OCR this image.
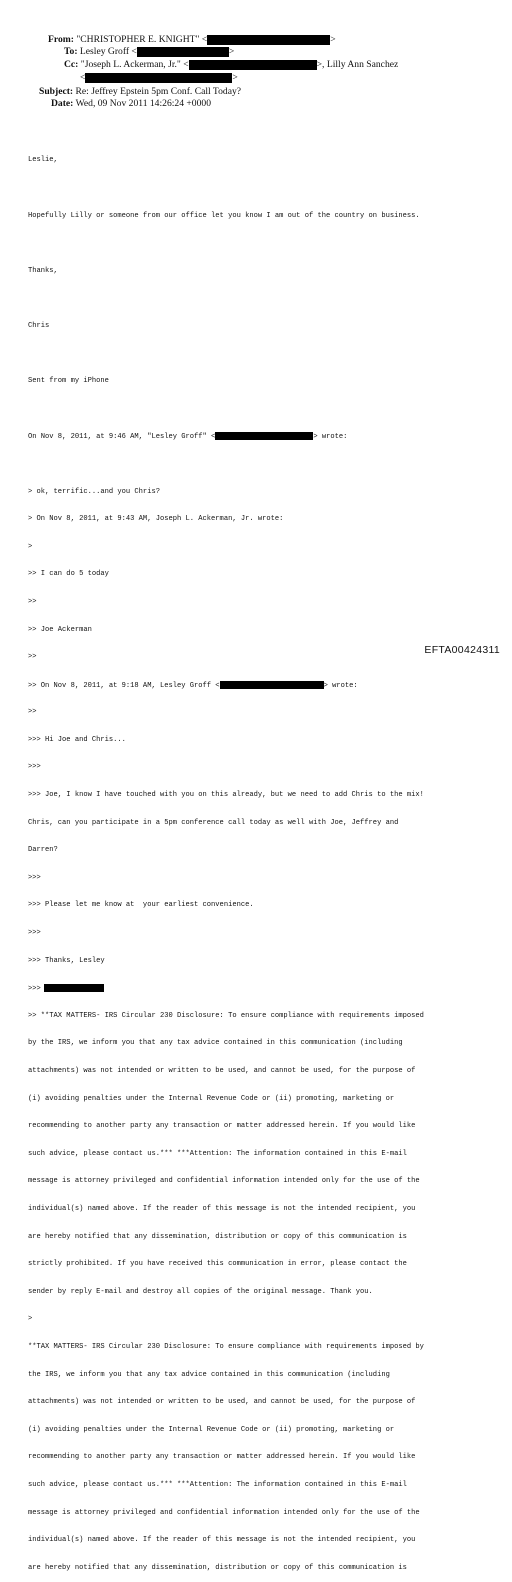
From: "CHRISTOPHER E. KNIGHT" <	>
To: Lesley Groff <	>
Cc: "Joseph L. Ackerman, Jr." <	>, Lilly Ann Sanchez
<	>
Subject: Re: Jeffrey Epstein 5pm Conf. Call Today?
Date: Wed, 09 Nov 2011 14:26:24 +0000

Leslie,

Hopefully Lilly or someone from our office let you know I am out of the country on business.

Thanks,

Chris

Sent from my iPhone

On Nov 8, 2011, at 9:46 AM, "Lesley Groff" <	> wrote:

> ok, terrific...and you Chris?

> On Nov 8, 2011, at 9:43 AM, Joseph L. Ackerman, Jr. wrote:

>

>> I can do 5 today

>>

>> Joe Ackerman

>>

>> On Nov 8, 2011, at 9:18 AM, Lesley Groff <	> wrote:

>>

>>> Hi Joe and Chris...

>>>

>>> Joe, I know I have touched with you on this already, but we need to add Chris to the mix!

Chris, can you participate in a 5pm conference call today as well with Joe, Jeffrey and

Darren?

>>>

>>> Please let me know at  your earliest convenience.

>>>

>>> Thanks, Lesley

>>>

>> **TAX MATTERS- IRS Circular 230 Disclosure: To ensure compliance with requirements imposed

by the IRS, we inform you that any tax advice contained in this communication (including

attachments) was not intended or written to be used, and cannot be used, for the purpose of

(i) avoiding penalties under the Internal Revenue Code or (ii) promoting, marketing or

recommending to another party any transaction or matter addressed herein. If you would like

such advice, please contact us.*** ***Attention: The information contained in this E-mail

message is attorney privileged and confidential information intended only for the use of the

individual(s) named above. If the reader of this message is not the intended recipient, you

are hereby notified that any dissemination, distribution or copy of this communication is

strictly prohibited. If you have received this communication in error, please contact the

sender by reply E-mail and destroy all copies of the original message. Thank you.

>

**TAX MATTERS- IRS Circular 230 Disclosure: To ensure compliance with requirements imposed by

the IRS, we inform you that any tax advice contained in this communication (including

attachments) was not intended or written to be used, and cannot be used, for the purpose of

(i) avoiding penalties under the Internal Revenue Code or (ii) promoting, marketing or

recommending to another party any transaction or matter addressed herein. If you would like

such advice, please contact us.*** ***Attention: The information contained in this E-mail

message is attorney privileged and confidential information intended only for the use of the

individual(s) named above. If the reader of this message is not the intended recipient, you

are hereby notified that any dissemination, distribution or copy of this communication is

EFTA00424311
